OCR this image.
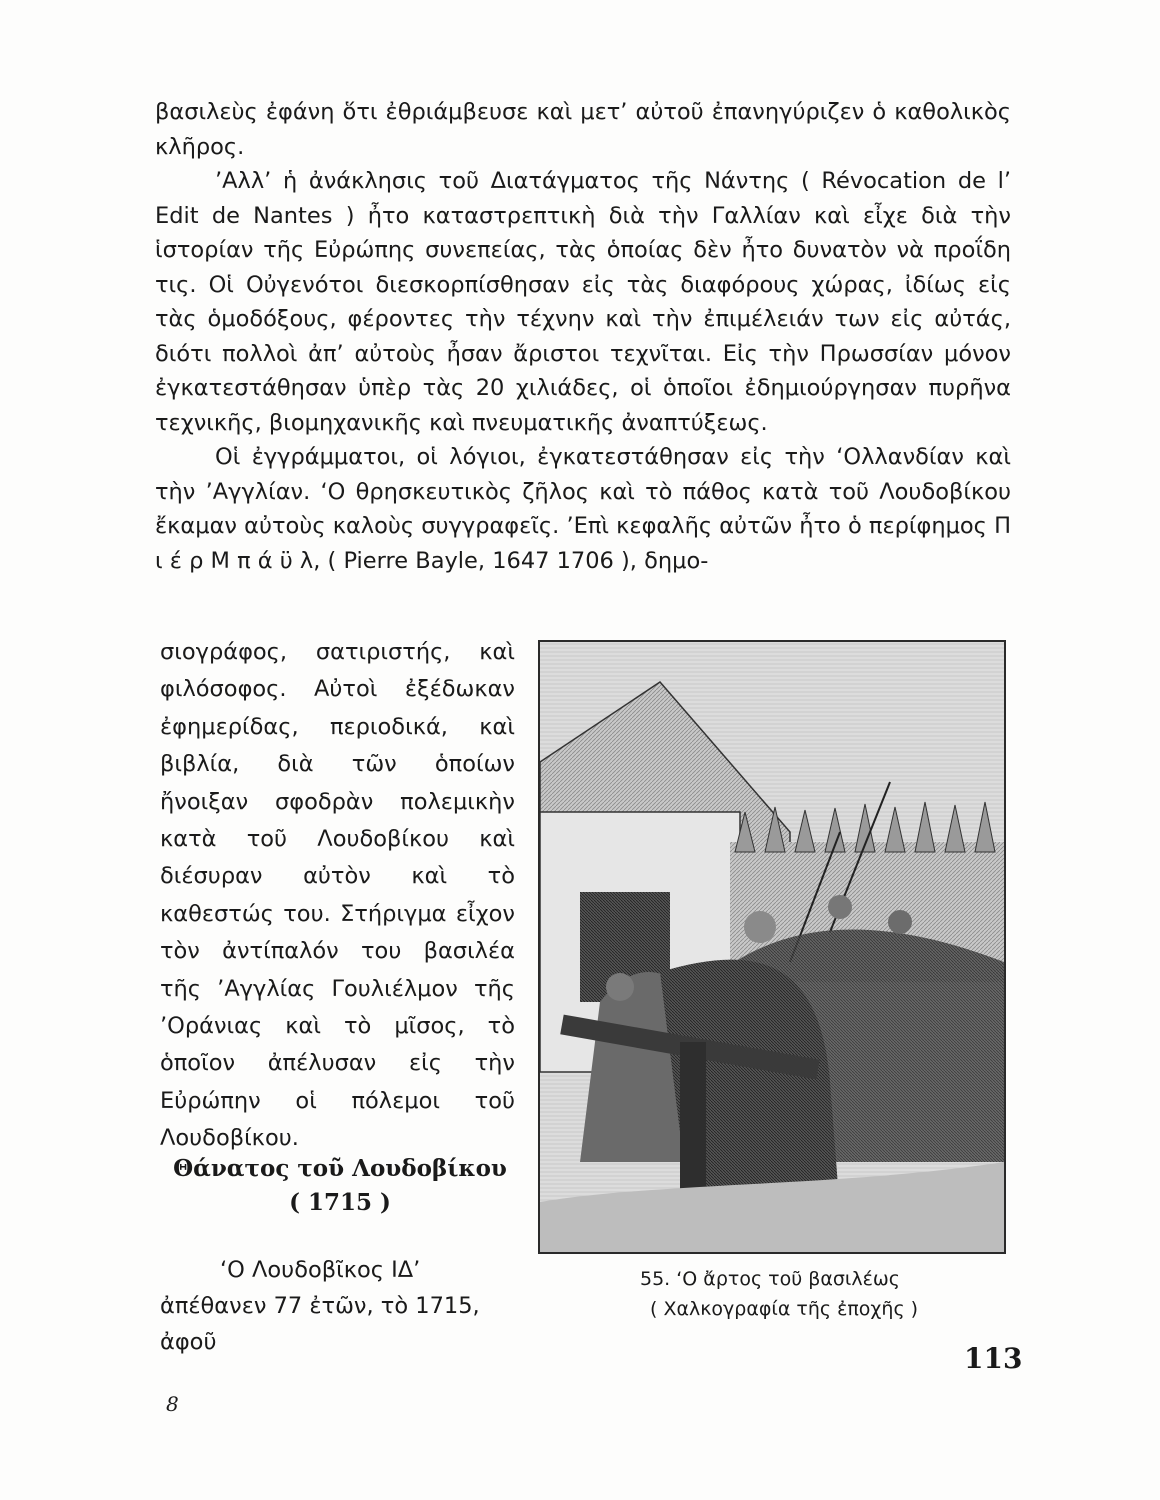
βασιλεὺς ἐφάνη ὅτι ἐθριάμβευσε καὶ μετ’ αὐτοῦ ἐπανηγύριζεν ὁ καθολικὸς κλῆρος.

’Αλλ’ ἡ ἀνάκλησις τοῦ Διατάγματος τῆς Νάντης ( Révocation de l’ Edit de Nantes ) ἦτο καταστρεπτικὴ διὰ τὴν Γαλλίαν καὶ εἶχε διὰ τὴν ἱστορίαν τῆς Εὐρώπης συνεπείας, τὰς ὁποίας δὲν ἦτο δυνατὸν νὰ προΐδη τις. Οἱ Οὐγενότοι διεσκορπίσθησαν εἰς τὰς διαφόρους χώρας, ἰδίως εἰς τὰς ὁμοδόξους, φέροντες τὴν τέχνην καὶ τὴν ἐπιμέλειάν των εἰς αὐτάς, διότι πολλοὶ ἀπ’ αὐτοὺς ἦσαν ἄριστοι τεχνῖται. Εἰς τὴν Πρωσσίαν μόνον ἐγκατεστάθησαν ὑπὲρ τὰς 20 χιλιάδες, οἱ ὁποῖοι ἐδημιούργησαν πυρῆνα τεχνικῆς, βιομηχανικῆς καὶ πνευματικῆς ἀναπτύξεως.

Οἱ ἐγγράμματοι, οἱ λόγιοι, ἐγκατεστάθησαν εἰς τὴν ‘Ολλανδίαν καὶ τὴν ’Αγγλίαν. ‘Ο θρησκευτικὸς ζῆλος καὶ τὸ πάθος κατὰ τοῦ Λουδοβίκου ἔκαμαν αὐτοὺς καλοὺς συγγραφεῖς. ’Επὶ κεφαλῆς αὐτῶν ἦτο ὁ περίφημος Π ι έ ρ Μ π ά ϋ λ, ( Pierre Bayle, 1647 1706 ), δημο-

σιογράφος, σατιριστής, καὶ φιλόσοφος. Αὐτοὶ ἐξέδωκαν ἐφημερίδας, περιοδικά, καὶ βιβλία, διὰ τῶν ὁποίων ἤνοιξαν σφοδρὰν πολεμικὴν κατὰ τοῦ Λουδοβίκου καὶ διέσυραν αὐτὸν καὶ τὸ καθεστώς του. Στήριγμα εἶχον τὸν ἀντίπαλόν του βασιλέα τῆς ’Αγγλίας Γουλιέλμον τῆς ’Οράνιας καὶ τὸ μῖσος, τὸ ὁποῖον ἀπέλυσαν εἰς τὴν Εὐρώπην οἱ πόλεμοι τοῦ Λουδοβίκου.

Θάνατος τοῦ Λουδοβίκου
( 1715 )

‘Ο Λουδοβῖκος ΙΔ’ ἀπέθανεν 77 ἐτῶν, τὸ 1715, ἀφοῦ

55. ‘Ο ἄρτος τοῦ βασιλέως
( Χαλκογραφία τῆς ἐποχῆς )
113
8
